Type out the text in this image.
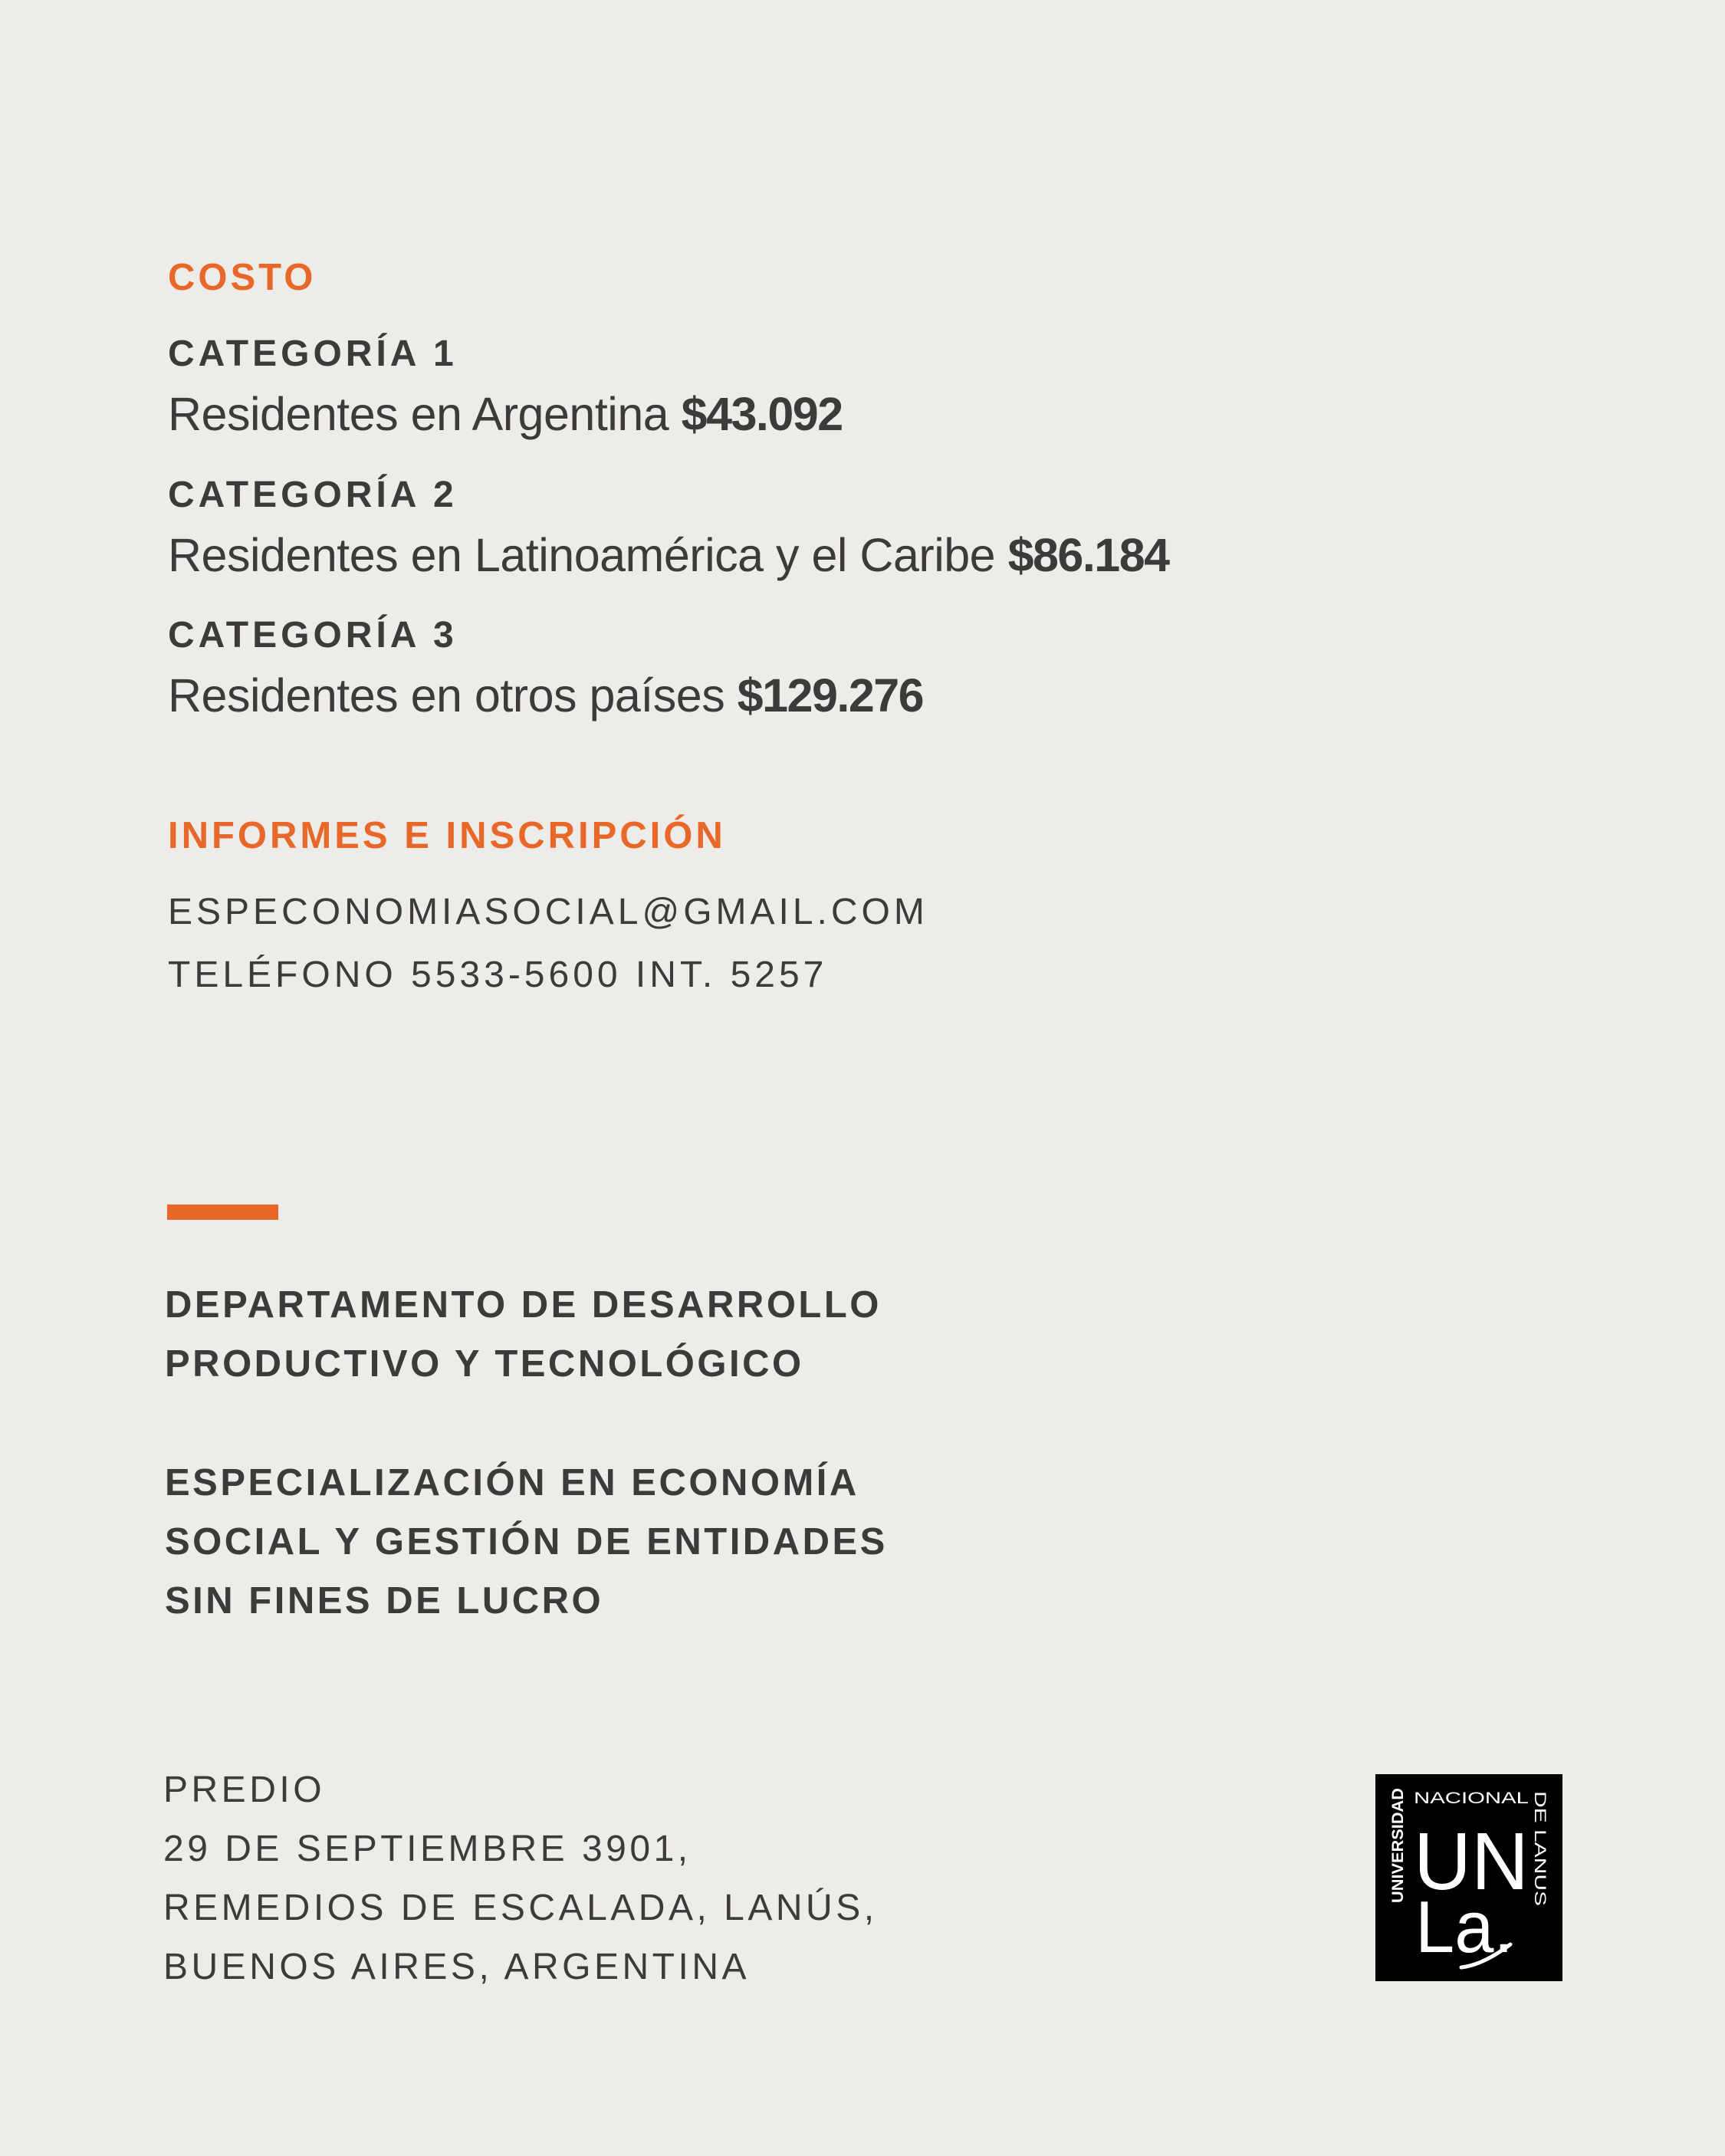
COSTO
CATEGORÍA 1
Residentes en Argentina $43.092
CATEGORÍA 2
Residentes en Latinoamérica y el Caribe $86.184
CATEGORÍA 3
Residentes en otros países $129.276
INFORMES E INSCRIPCIÓN
ESPECONOMIASOCIAL@GMAIL.COM
TELÉFONO 5533-5600 INT. 5257
DEPARTAMENTO DE DESARROLLO
PRODUCTIVO Y TECNOLÓGICO
ESPECIALIZACIÓN EN ECONOMÍA
SOCIAL Y GESTIÓN DE ENTIDADES
SIN FINES DE LUCRO
PREDIO
29 DE SEPTIEMBRE 3901,
REMEDIOS DE ESCALADA, LANÚS,
BUENOS AIRES, ARGENTINA
UNIVERSIDAD NACIONAL DE LANUS
UN
La.
